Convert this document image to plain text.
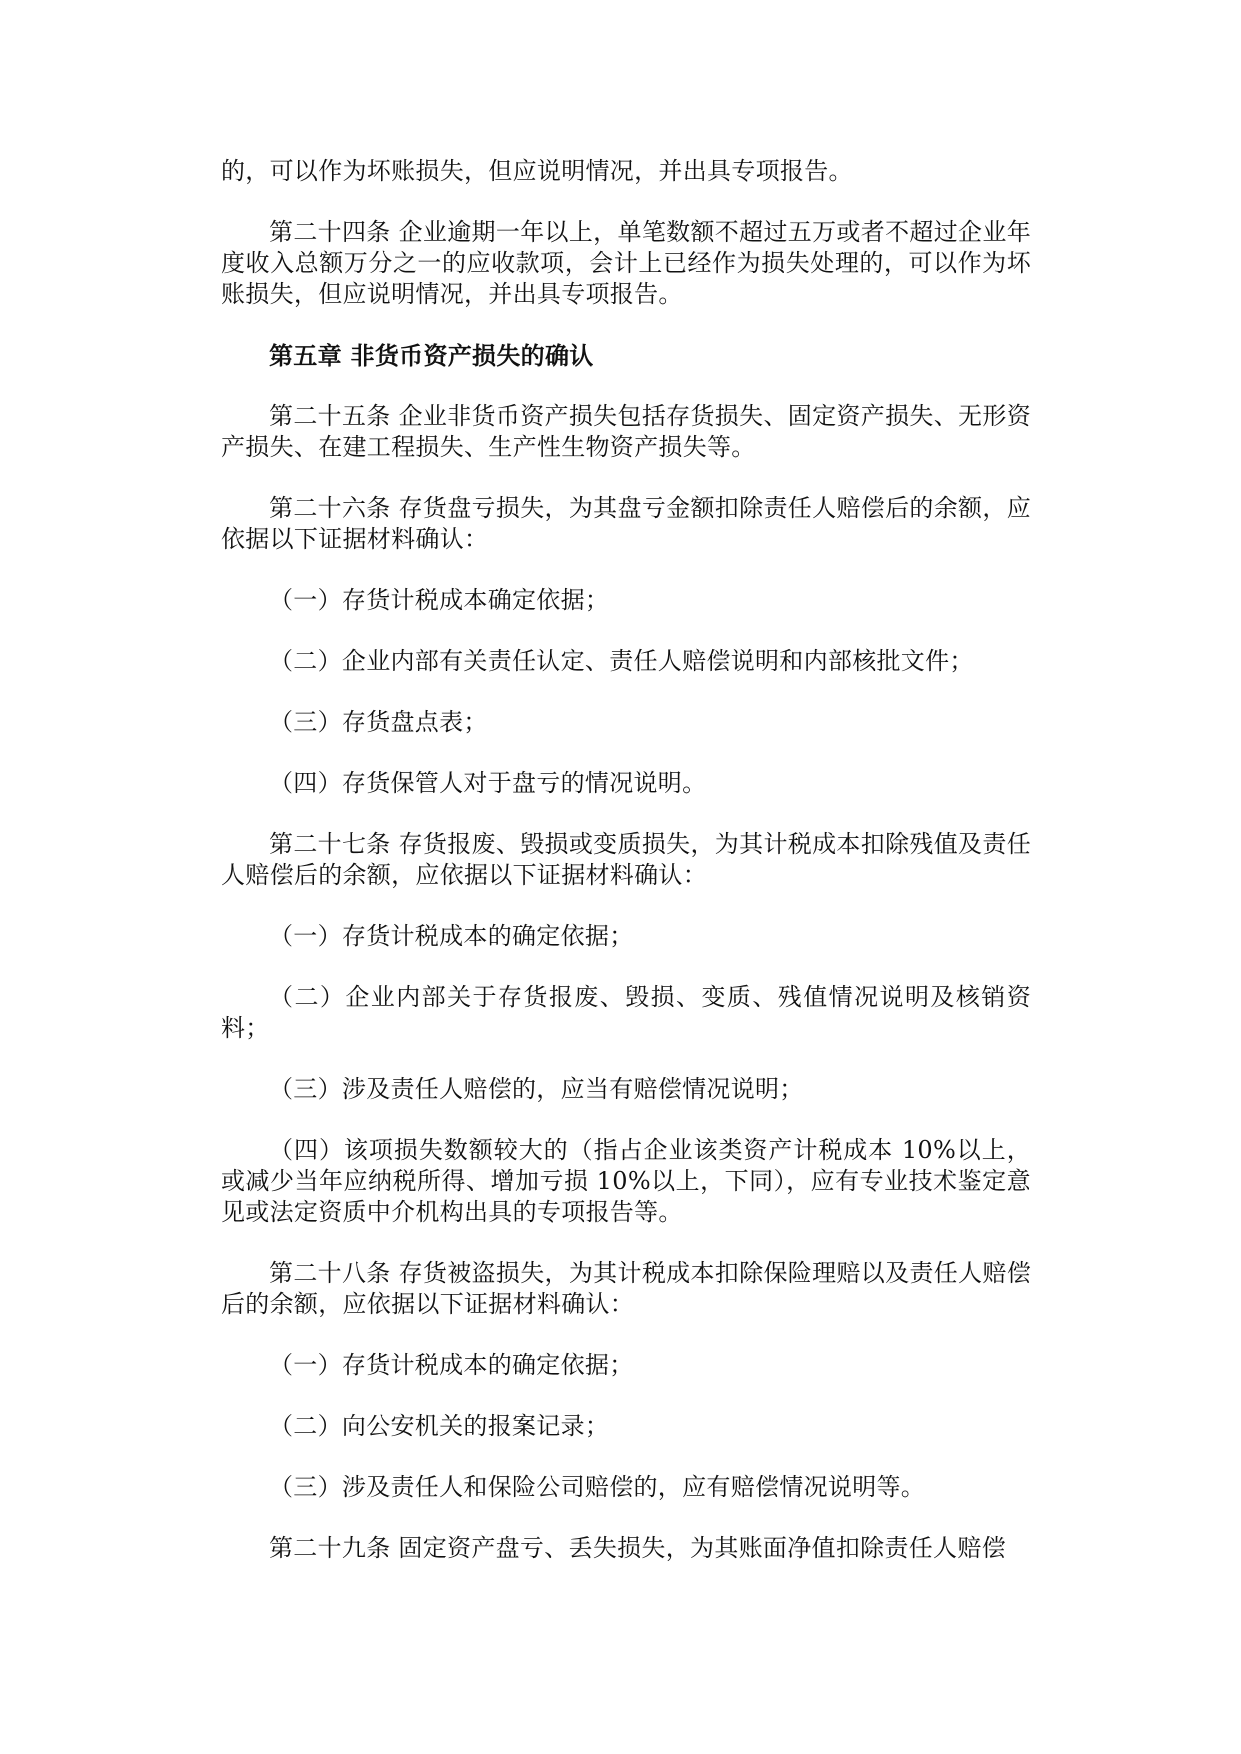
的，可以作为坏账损失，但应说明情况，并出具专项报告。

第二十四条 企业逾期一年以上，单笔数额不超过五万或者不超过企业年度收入总额万分之一的应收款项，会计上已经作为损失处理的，可以作为坏账损失，但应说明情况，并出具专项报告。

第五章 非货币资产损失的确认

第二十五条 企业非货币资产损失包括存货损失、固定资产损失、无形资产损失、在建工程损失、生产性生物资产损失等。

第二十六条 存货盘亏损失，为其盘亏金额扣除责任人赔偿后的余额，应依据以下证据材料确认：

（一）存货计税成本确定依据；

（二）企业内部有关责任认定、责任人赔偿说明和内部核批文件；

（三）存货盘点表；

（四）存货保管人对于盘亏的情况说明。

第二十七条 存货报废、毁损或变质损失，为其计税成本扣除残值及责任人赔偿后的余额，应依据以下证据材料确认：

（一）存货计税成本的确定依据；

（二）企业内部关于存货报废、毁损、变质、残值情况说明及核销资料；

（三）涉及责任人赔偿的，应当有赔偿情况说明；

（四）该项损失数额较大的（指占企业该类资产计税成本 10%以上，或减少当年应纳税所得、增加亏损 10%以上，下同），应有专业技术鉴定意见或法定资质中介机构出具的专项报告等。

第二十八条 存货被盗损失，为其计税成本扣除保险理赔以及责任人赔偿后的余额，应依据以下证据材料确认：

（一）存货计税成本的确定依据；

（二）向公安机关的报案记录；

（三）涉及责任人和保险公司赔偿的，应有赔偿情况说明等。

第二十九条 固定资产盘亏、丢失损失，为其账面净值扣除责任人赔偿
